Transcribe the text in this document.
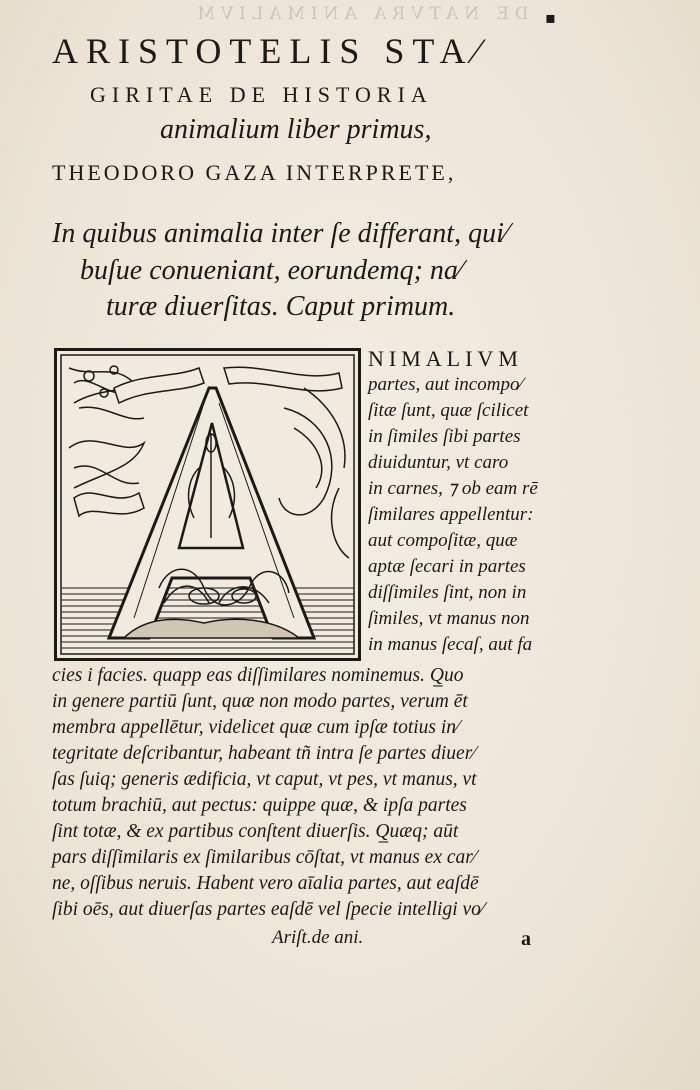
DE NATVRA ANIMALIVM	▪
ARISTOTELIS STA⁄
GIRITAE DE HISTORIA
animalium liber primus,
THEODORO GAZA INTERPRETE,
In quibus animalia inter ſe differant, qui⁄
buſue conueniant, eorundemq; na⁄
turæ diuerſitas. Caput primum.
NIMALIVM
partes, aut incompo⁄
ſitæ ſunt, quæ ſcilicet
in ſimiles ſibi partes
diuiduntur, vt caro
in carnes, ⁊ ob eam rē
ſimilares appellentur:
aut compoſitæ, quæ
aptæ ſecari in partes
diſſimiles ſint, non in
ſimiles, vt manus non
in manus ſecaſ, aut fa
cies i facies. quapp eas diſſimilares nominemus. Q̲uo
in genere partiū ſunt, quæ non modo partes, verum ēt
membra appellētur, videlicet quæ cum ipſæ totius in⁄
tegritate deſcribantur, habeant tñ intra ſe partes diuer⁄
ſas ſuiq; generis ædificia, vt caput, vt pes, vt manus, vt
totum brachiū, aut pectus: quippe quæ, & ipſa partes
ſint totæ, & ex partibus conſtent diuerſis. Q̲uæq; aūt
pars diſſimilaris ex ſimilaribus cōſtat, vt manus ex car⁄
ne, oſſibus neruis. Habent vero aīalia partes, aut eaſdē
ſibi oēs, aut diuerſas partes eaſdē vel ſpecie intelligi vo⁄
Ariſt.de ani.	a
